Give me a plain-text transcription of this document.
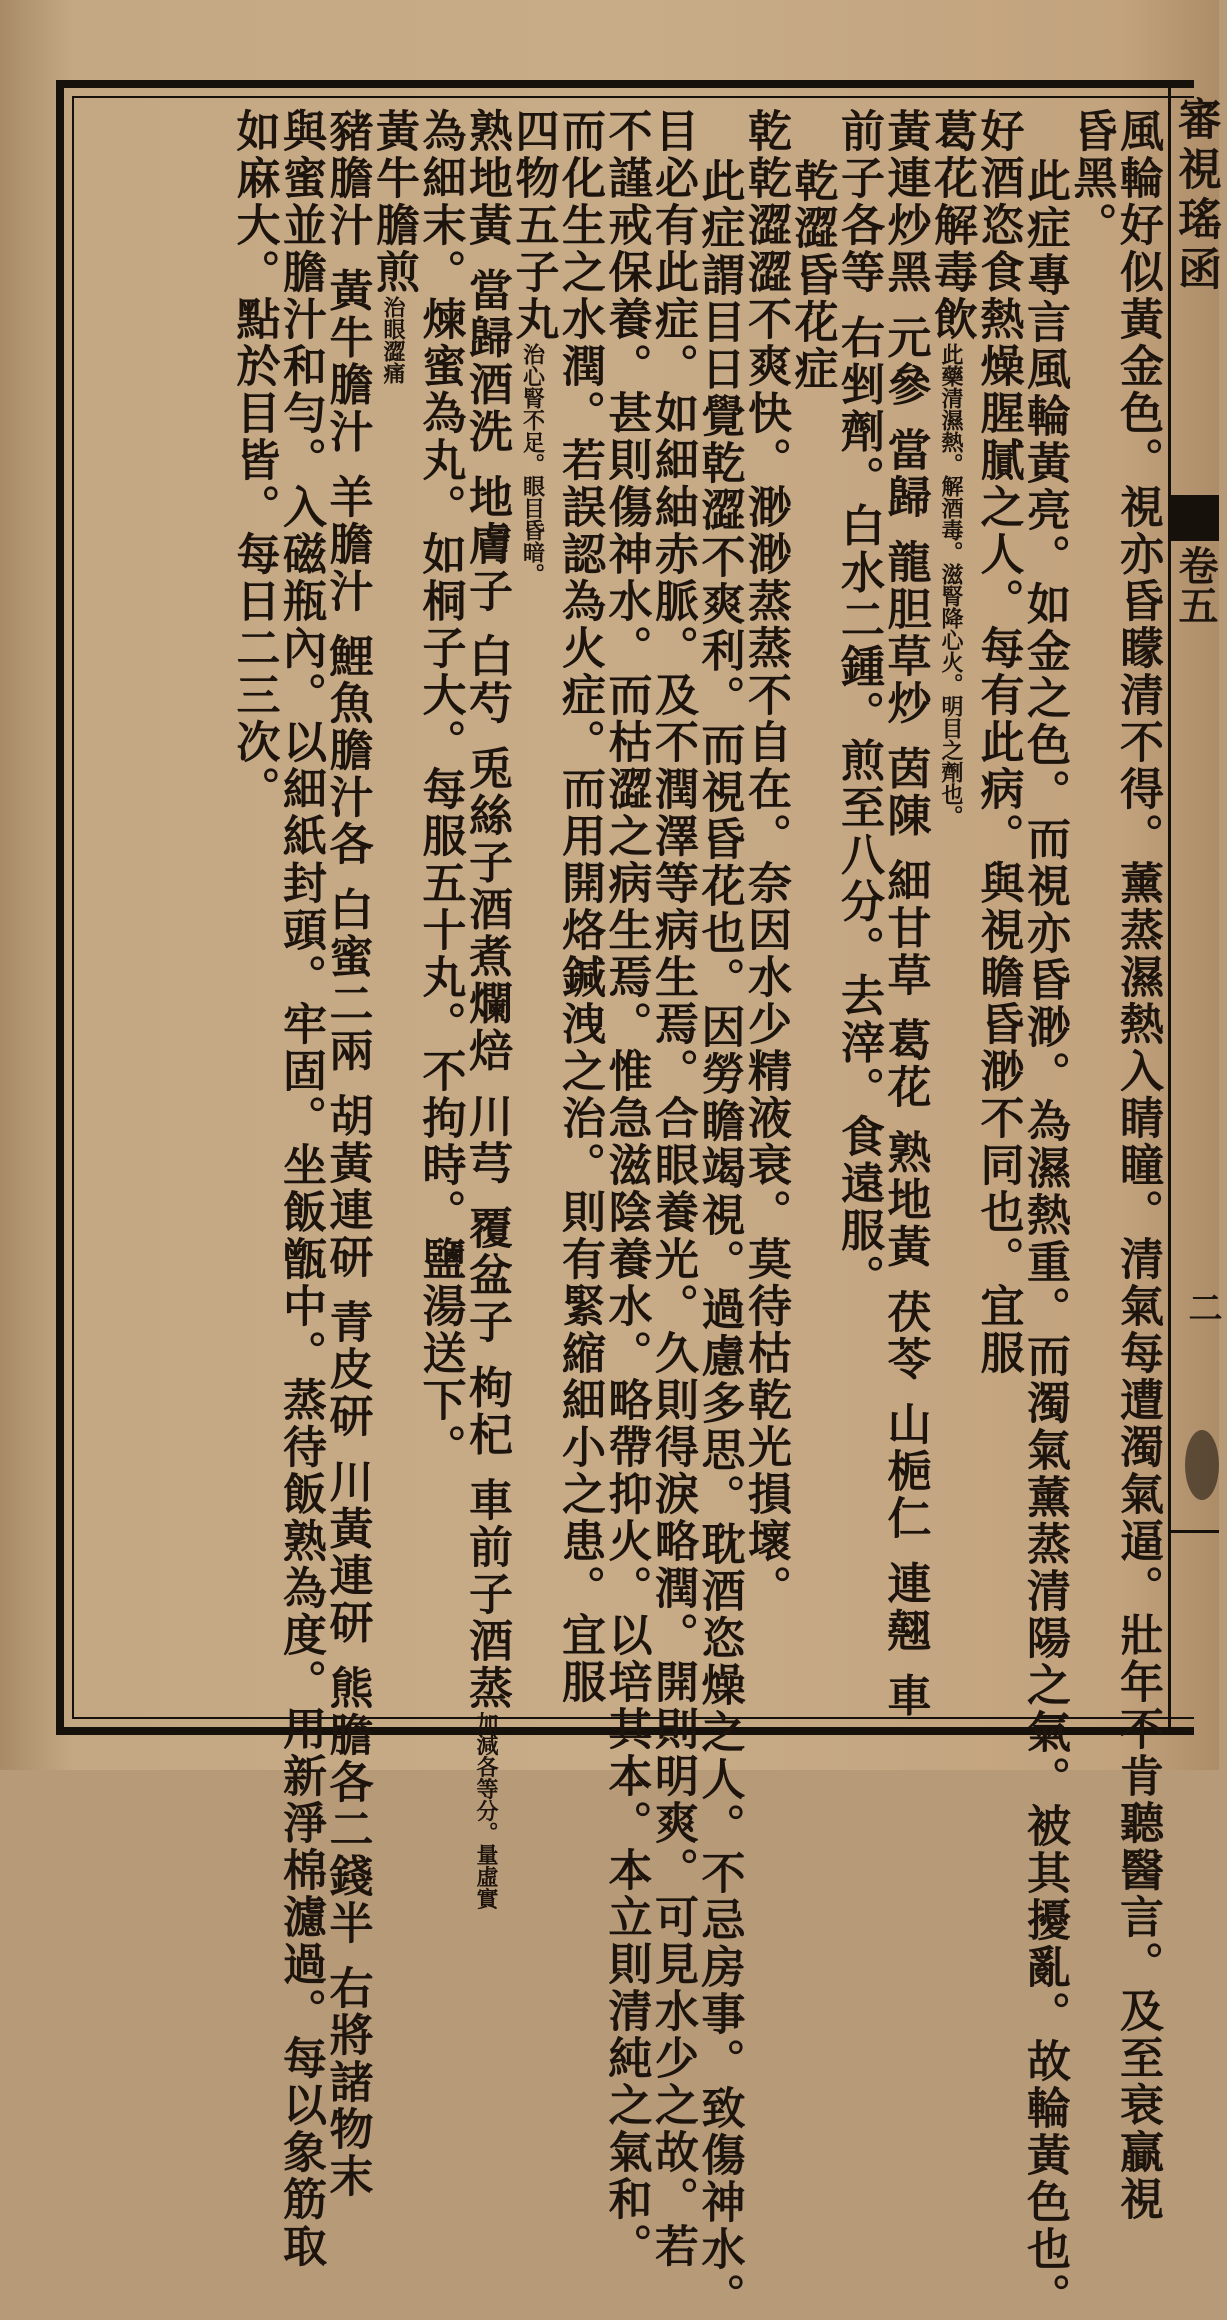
審視瑤函
卷五
二
風輪好似黃金色。視亦昏矇清不得。薰蒸濕熱入睛瞳。清氣每遭濁氣逼。壯年不肯聽醫言。及至衰贏視
昏黑。
此症專言風輪黃亮。如金之色。而視亦昏渺。為濕熱重。而濁氣薰蒸清陽之氣。被其擾亂。故輪黃色也。
好酒恣食熱燥腥膩之人。每有此病。與視瞻昏渺不同也。宜服
葛花解毒飲此藥清濕熱。解酒毒。滋腎降心火。明目之劑也。
黃連炒黑 元參 當歸 龍胆草炒 茵陳 細甘草 葛花 熟地黃 茯苓 山梔仁 連翹 車
前子各等 右剉劑。白水二鍾。煎至八分。去滓。食遠服。
乾澀昏花症
乾乾澀澀不爽快。渺渺蒸蒸不自在。奈因水少精液衰。莫待枯乾光損壞。
此症謂目日覺乾澀不爽利。而視昏花也。因勞瞻竭視。過慮多思。耽酒恣燥之人。不忌房事。致傷神水。
目必有此症。如細紬赤脈。及不潤澤等病生焉。合眼養光。久則得淚略潤。開則明爽。可見水少之故。若
不謹戒保養。甚則傷神水。而枯澀之病生焉。惟急滋陰養水。略帶抑火。以培其本。本立則清純之氣和。
而化生之水潤。若誤認為火症。而用開烙鍼洩之治。則有緊縮細小之患。宜服
四物五子丸治心腎不足。眼目昏暗。
熟地黃 當歸酒洗 地膚子 白芍 兎絲子酒煮爛焙 川芎 覆盆子 枸杞 車前子酒蒸加減各等分。量虛實
為細末。煉蜜為丸。如桐子大。每服五十丸。不拘時。鹽湯送下。
黃牛膽煎治眼澀痛
豬膽汁 黃牛膽汁 羊膽汁 鯉魚膽汁各 白蜜二兩 胡黃連研 青皮研 川黃連研 熊膽各二錢半 右將諸物末
與蜜並膽汁和勻。入磁瓶內。以細紙封頭。牢固。坐飯甑中。蒸待飯熟為度。用新淨棉濾過。每以象筋取
如麻大。點於目皆。每日二三次。
